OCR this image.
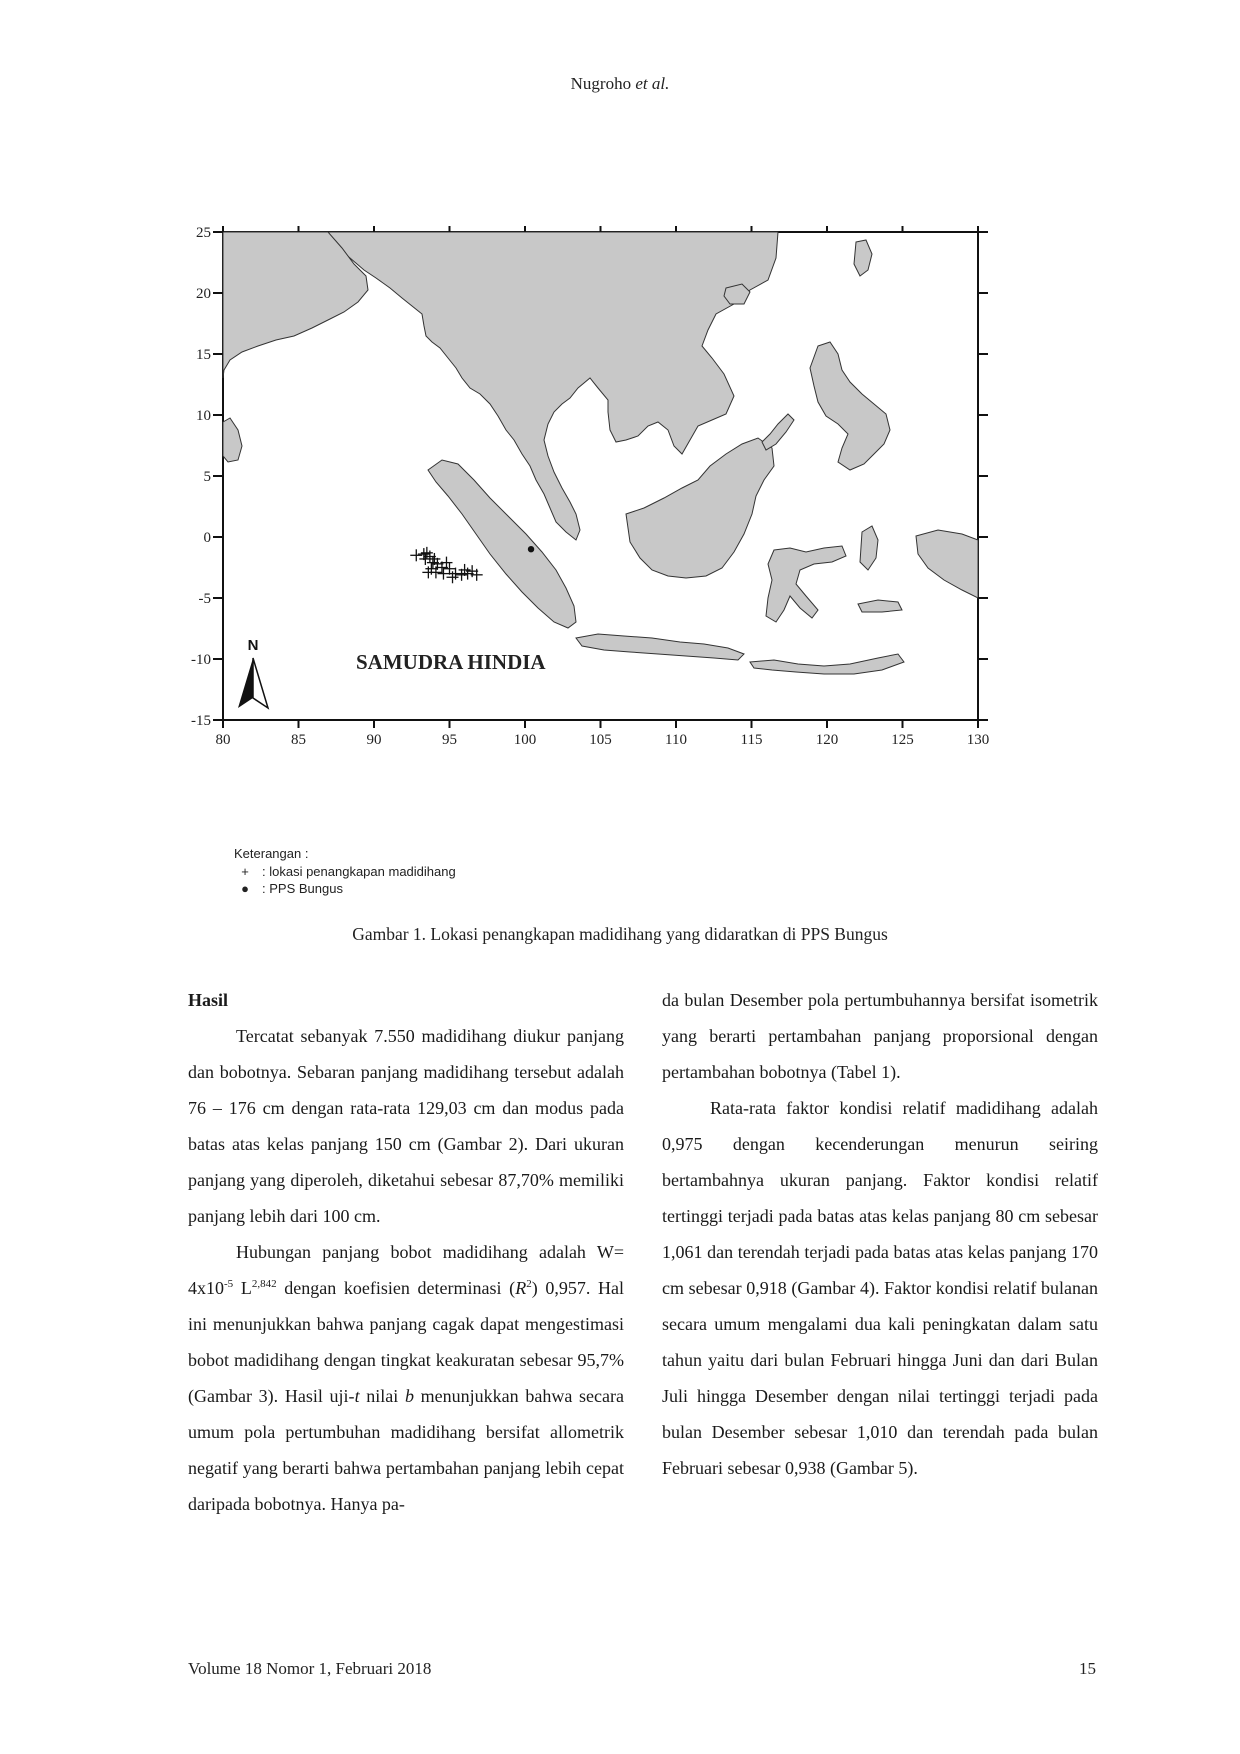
Nugroho et al.
80	85	90	95	100	105	110	115	120	125	130
25
20
15
10
5
0
-5
-10
-15
SAMUDRA HINDIA
N
Keterangan :
+	: lokasi penangkapan madidihang
●	: PPS Bungus
Gambar 1. Lokasi penangkapan madidihang yang didaratkan di PPS Bungus
Hasil

Tercatat sebanyak 7.550 madidihang diukur panjang dan bobotnya. Sebaran panjang madidihang tersebut adalah 76 – 176 cm dengan rata-rata 129,03 cm dan modus pada batas atas kelas panjang 150 cm (Gambar 2). Dari ukuran panjang yang diperoleh, diketahui sebesar 87,70% memiliki panjang lebih dari 100 cm.

Hubungan panjang bobot madidihang adalah $W= 4x10^{-5}$ L$^{2,842}$ dengan koefisien determinasi $(R^2)$ 0,957. Hal ini menunjukkan bahwa panjang cagak dapat mengestimasi bobot madidihang dengan tingkat keakuratan sebesar 95,7% (Gambar 3). Hasil uji-t nilai b menunjukkan bahwa secara umum pola pertumbuhan madidihang bersifat allometrik negatif yang berarti bahwa pertambahan panjang lebih cepat daripada bobotnya. Hanya pa-

da bulan Desember pola pertumbuhannya bersifat isometrik yang berarti pertambahan panjang proporsional dengan pertambahan bobotnya (Tabel 1).

Rata-rata faktor kondisi relatif madidihang adalah 0,975 dengan kecenderungan menurun seiring bertambahnya ukuran panjang. Faktor kondisi relatif tertinggi terjadi pada batas atas kelas panjang 80 cm sebesar 1,061 dan terendah terjadi pada batas atas kelas panjang 170 cm sebesar 0,918 (Gambar 4). Faktor kondisi relatif bulanan secara umum mengalami dua kali peningkatan dalam satu tahun yaitu dari bulan Februari hingga Juni dan dari Bulan Juli hingga Desember dengan nilai tertinggi terjadi pada bulan Desember sebesar 1,010 dan terendah pada bulan Februari sebesar 0,938 (Gambar 5).

Volume 18 Nomor 1, Februari 2018	15
